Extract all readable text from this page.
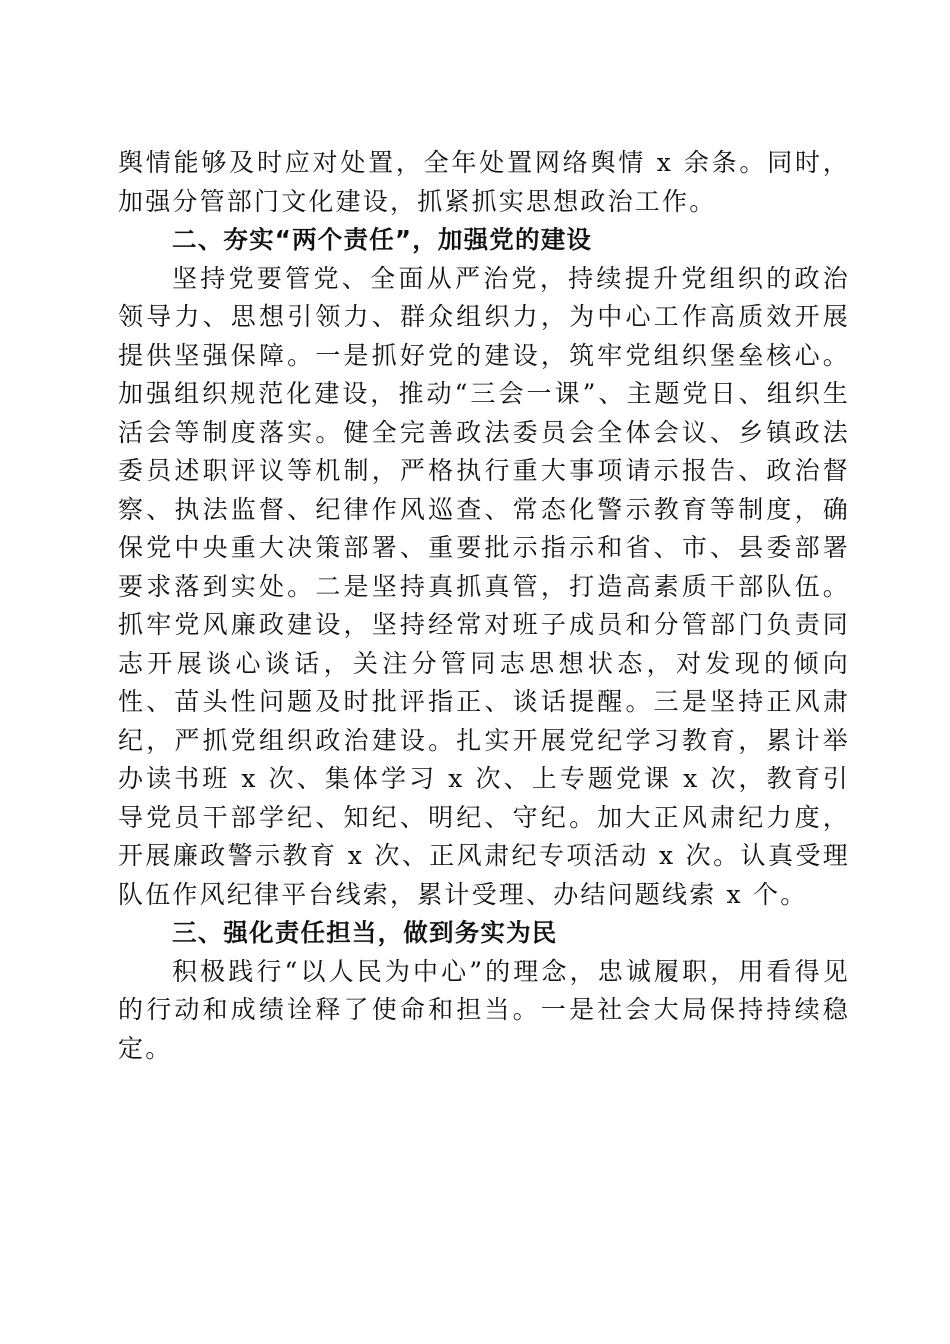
舆情能够及时应对处置，全年处置网络舆情 x 余条。同时，加强分管部门文化建设，抓紧抓实思想政治工作。

二、夯实“两个责任”，加强党的建设

坚持党要管党、全面从严治党，持续提升党组织的政治领导力、思想引领力、群众组织力，为中心工作高质效开展提供坚强保障。一是抓好党的建设，筑牢党组织堡垒核心。加强组织规范化建设，推动“三会一课”、主题党日、组织生活会等制度落实。健全完善政法委员会全体会议、乡镇政法委员述职评议等机制，严格执行重大事项请示报告、政治督察、执法监督、纪律作风巡查、常态化警示教育等制度，确保党中央重大决策部署、重要批示指示和省、市、县委部署要求落到实处。二是坚持真抓真管，打造高素质干部队伍。抓牢党风廉政建设，坚持经常对班子成员和分管部门负责同志开展谈心谈话，关注分管同志思想状态，对发现的倾向性、苗头性问题及时批评指正、谈话提醒。三是坚持正风肃纪，严抓党组织政治建设。扎实开展党纪学习教育，累计举办读书班 x 次、集体学习 x 次、上专题党课 x 次，教育引导党员干部学纪、知纪、明纪、守纪。加大正风肃纪力度，开展廉政警示教育 x 次、正风肃纪专项活动 x 次。认真受理队伍作风纪律平台线索，累计受理、办结问题线索 x 个。

三、强化责任担当，做到务实为民

积极践行“以人民为中心”的理念，忠诚履职，用看得见的行动和成绩诠释了使命和担当。一是社会大局保持持续稳定。
